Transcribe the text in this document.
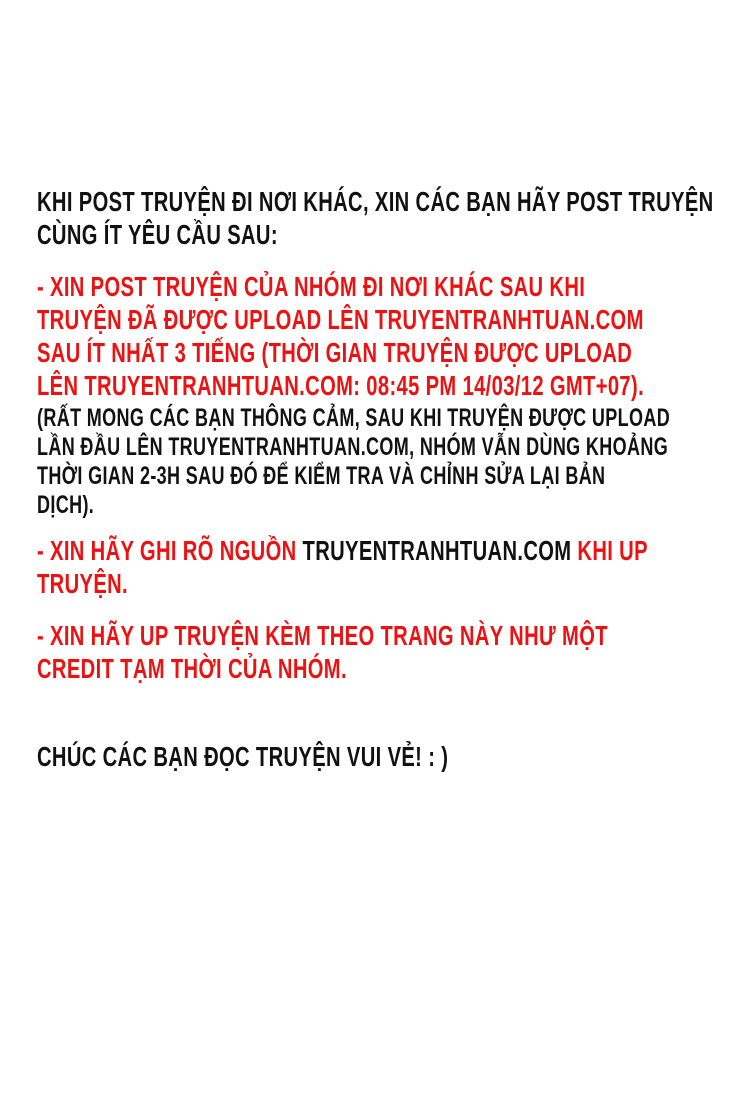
KHI POST TRUYỆN ĐI NƠI KHÁC, XIN CÁC BẠN HÃY POST TRUYỆN
CÙNG ÍT YÊU CẦU SAU:
- XIN POST TRUYỆN CỦA NHÓM ĐI NƠI KHÁC SAU KHI
TRUYỆN ĐÃ ĐƯỢC UPLOAD LÊN TRUYENTRANHTUAN.COM
SAU ÍT NHẤT 3 TIẾNG (THỜI GIAN TRUYỆN ĐƯỢC UPLOAD
LÊN TRUYENTRANHTUAN.COM: 08:45 PM 14/03/12 GMT+07).
(RẤT MONG CÁC BẠN THÔNG CẢM, SAU KHI TRUYỆN ĐƯỢC UPLOAD
LẦN ĐẦU LÊN TRUYENTRANHTUAN.COM, NHÓM VẪN DÙNG KHOẢNG
THỜI GIAN 2-3H SAU ĐÓ ĐỂ KIỂM TRA VÀ CHỈNH SỬA LẠI BẢN
DỊCH).
- XIN HÃY GHI RÕ NGUỒN TRUYENTRANHTUAN.COM KHI UP
TRUYỆN.
- XIN HÃY UP TRUYỆN KÈM THEO TRANG NÀY NHƯ MỘT
CREDIT TẠM THỜI CỦA NHÓM.
CHÚC CÁC BẠN ĐỌC TRUYỆN VUI VẺ! : )
